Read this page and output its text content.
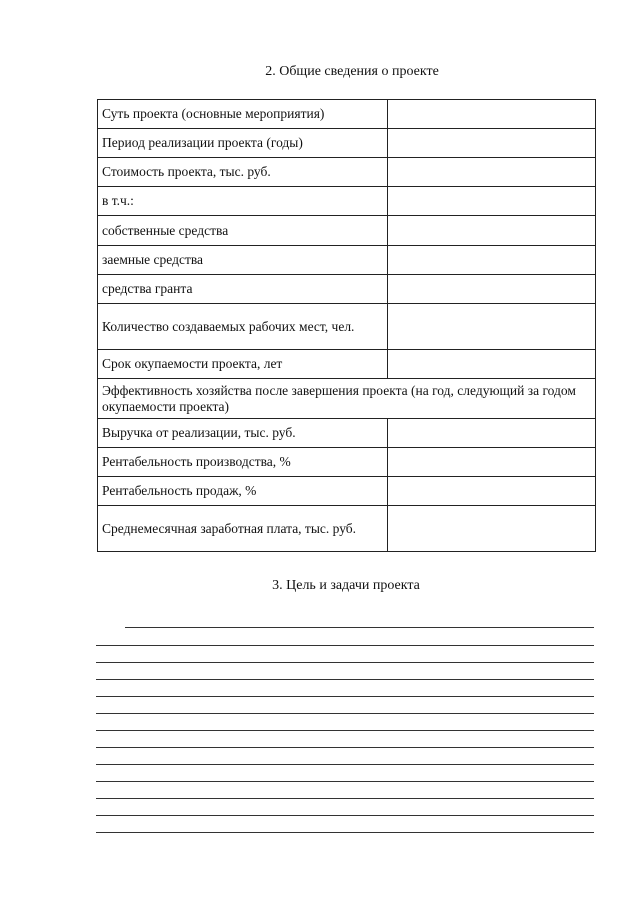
2. Общие сведения о проекте
Суть проекта (основные мероприятия)	
Период реализации проекта (годы)	
Стоимость проекта, тыс. руб.	
в т.ч.:	
собственные средства	
заемные средства	
средства гранта	
Количество создаваемых рабочих мест, чел.	
Срок окупаемости проекта, лет	
Эффективность хозяйства после завершения проекта (на год, следующий за годом окупаемости проекта)	
Выручка от реализации, тыс. руб.	
Рентабельность производства, %	
Рентабельность продаж, %	
Среднемесячная заработная плата, тыс. руб.	
3. Цель и задачи проекта
